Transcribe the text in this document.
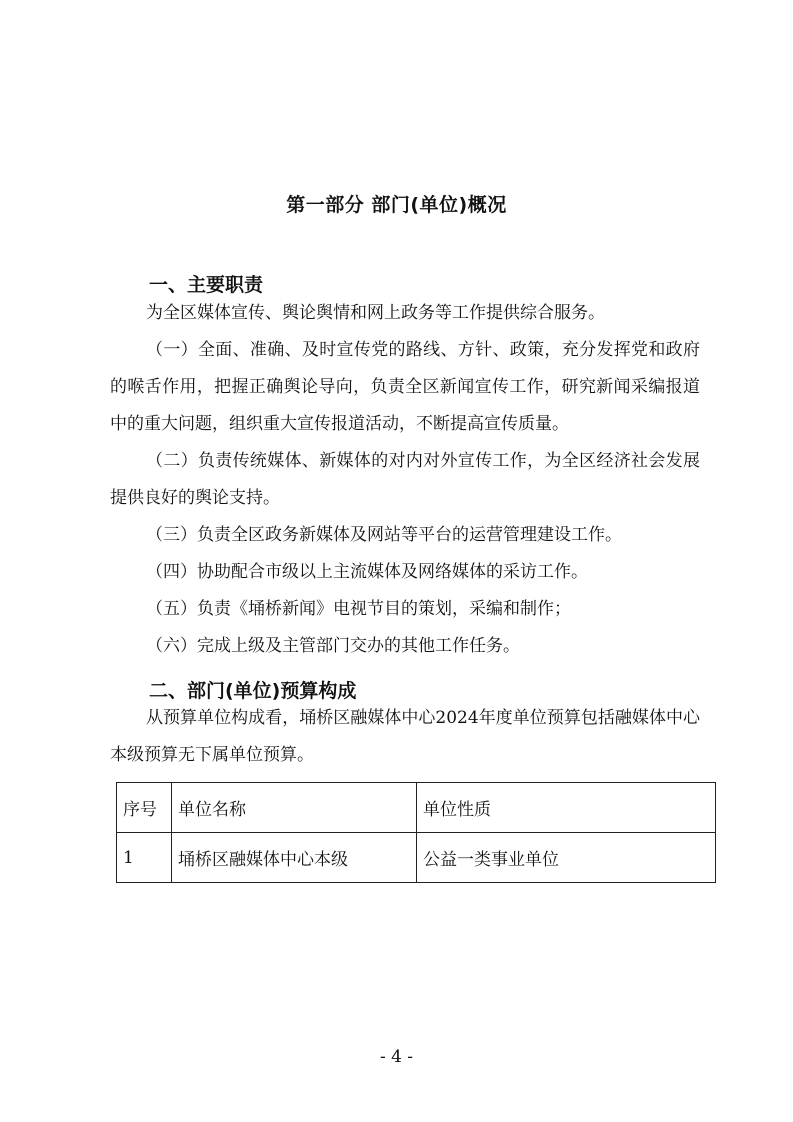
第一部分 部门(单位)概况
一、主要职责
为全区媒体宣传、舆论舆情和网上政务等工作提供综合服务。
（一）全面、准确、及时宣传党的路线、方针、政策，充分发挥党和政府的喉舌作用，把握正确舆论导向，负责全区新闻宣传工作，研究新闻采编报道中的重大问题，组织重大宣传报道活动，不断提高宣传质量。
（二）负责传统媒体、新媒体的对内对外宣传工作，为全区经济社会发展提供良好的舆论支持。
（三）负责全区政务新媒体及网站等平台的运营管理建设工作。
（四）协助配合市级以上主流媒体及网络媒体的采访工作。
（五）负责《埇桥新闻》电视节目的策划，采编和制作；
（六）完成上级及主管部门交办的其他工作任务。
二、部门(单位)预算构成
从预算单位构成看，埇桥区融媒体中心2024年度单位预算包括融媒体中心本级预算无下属单位预算。
序号	单位名称	单位性质
1	埇桥区融媒体中心本级	公益一类事业单位
- 4 -
